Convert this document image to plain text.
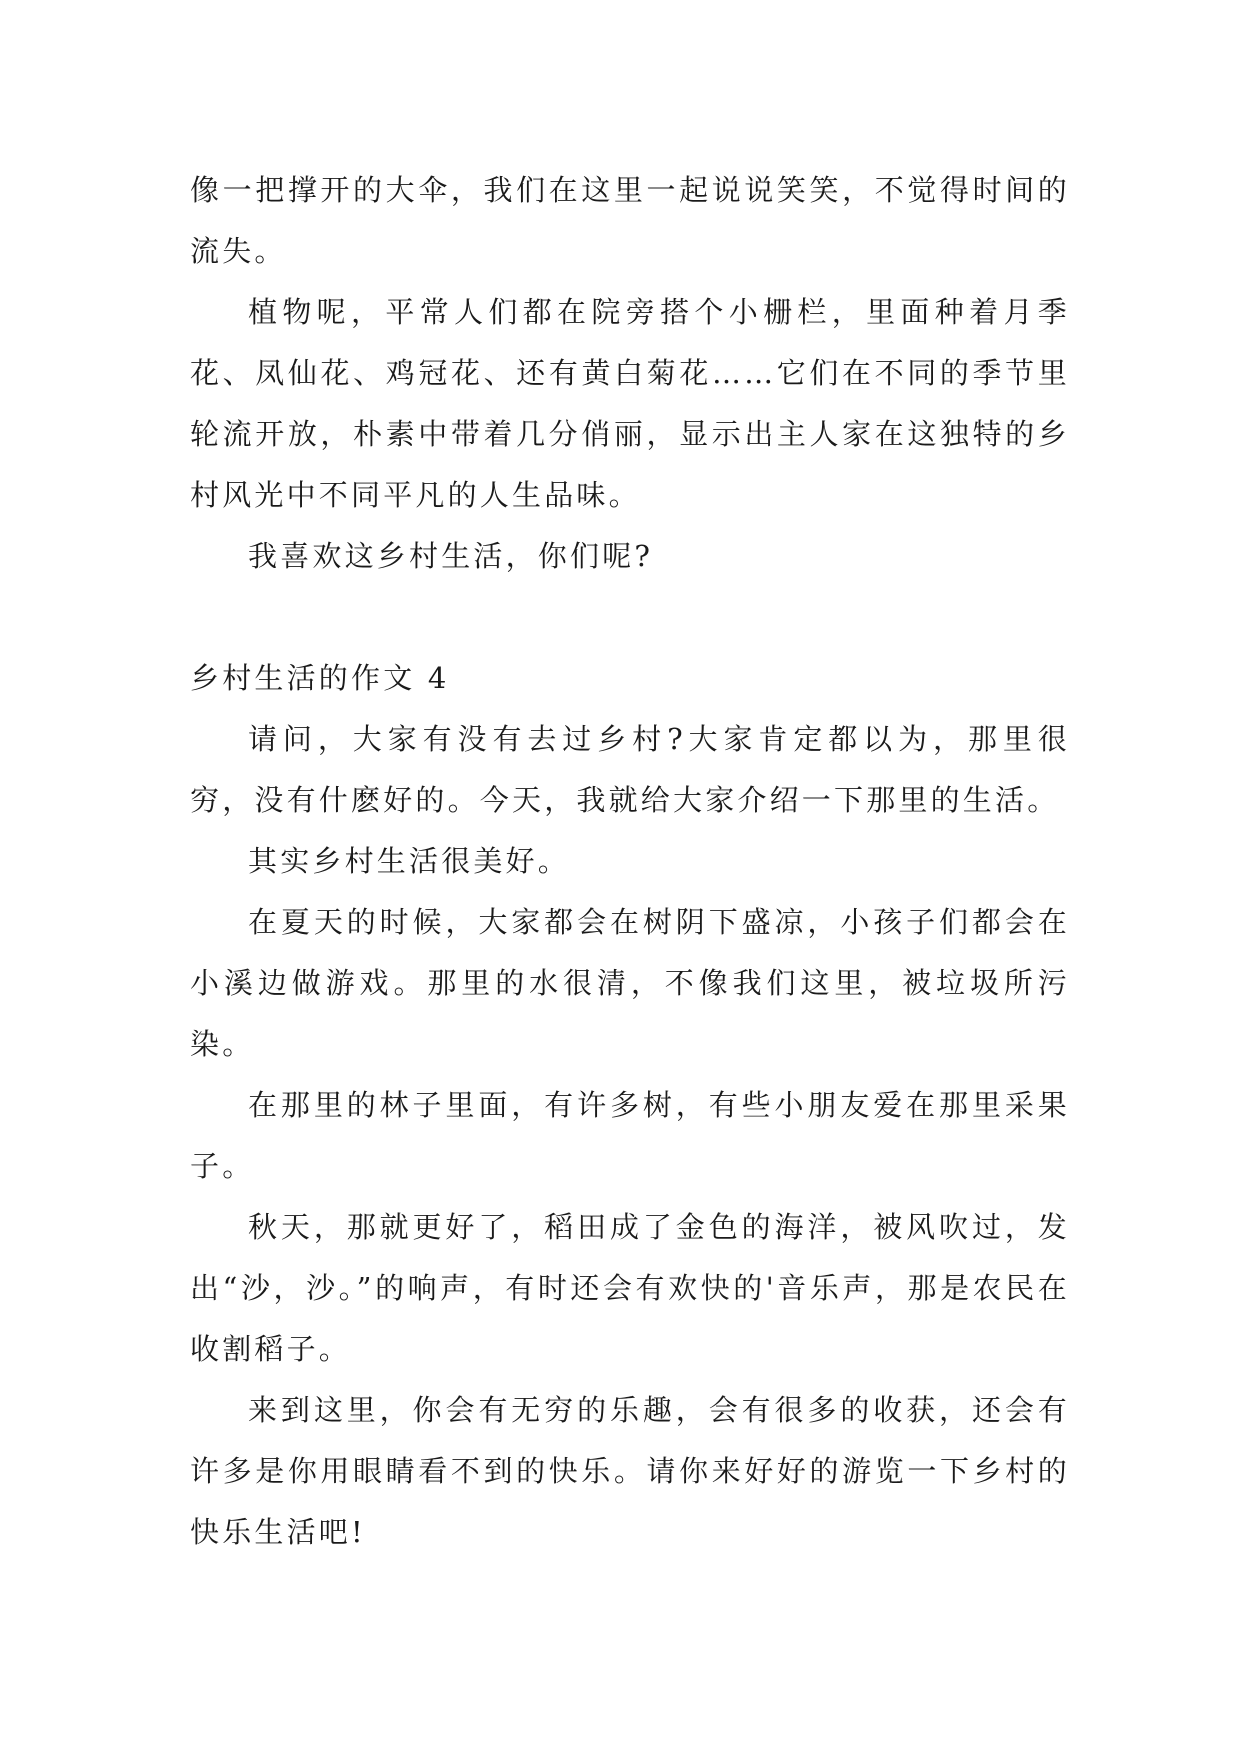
像一把撑开的大伞，我们在这里一起说说笑笑，不觉得时间的流失。

植物呢，平常人们都在院旁搭个小栅栏，里面种着月季花、凤仙花、鸡冠花、还有黄白菊花……它们在不同的季节里轮流开放，朴素中带着几分俏丽，显示出主人家在这独特的乡村风光中不同平凡的人生品味。

我喜欢这乡村生活，你们呢?

乡村生活的作文 4

请问，大家有没有去过乡村?大家肯定都以为，那里很穷，没有什麽好的。今天，我就给大家介绍一下那里的生活。

其实乡村生活很美好。

在夏天的时候，大家都会在树阴下盛凉，小孩子们都会在小溪边做游戏。那里的水很清，不像我们这里，被垃圾所污染。

在那里的林子里面，有许多树，有些小朋友爱在那里采果子。

秋天，那就更好了，稻田成了金色的海洋，被风吹过，发出“沙，沙。”的响声，有时还会有欢快的'音乐声，那是农民在收割稻子。

来到这里，你会有无穷的乐趣，会有很多的收获，还会有许多是你用眼睛看不到的快乐。请你来好好的游览一下乡村的快乐生活吧!
